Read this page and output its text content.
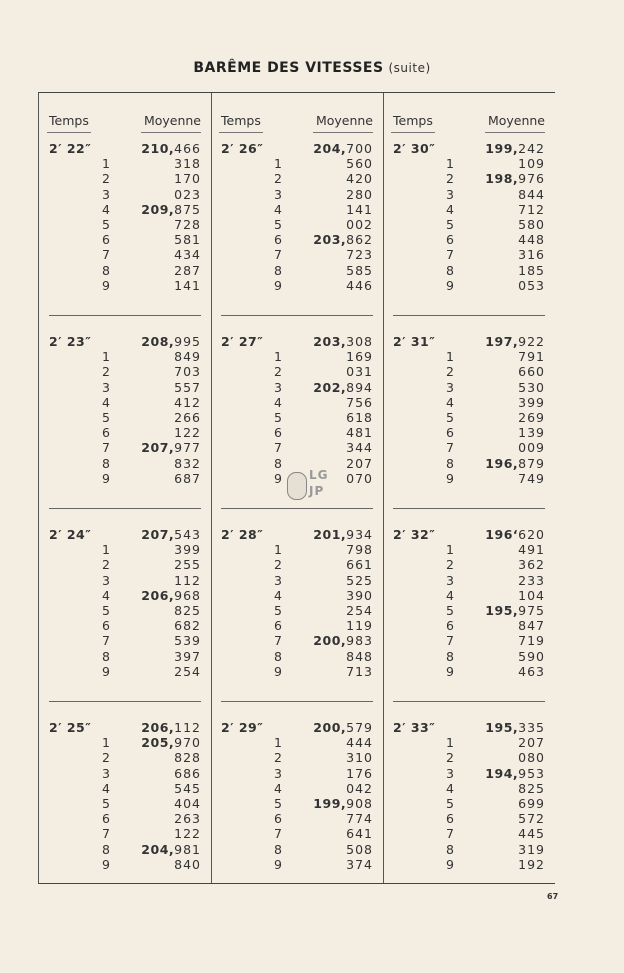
BARÊME DES VITESSES (suite)
Temps	Moyenne
2′ 22″	210,466
1	318
2	170
3	023
4	209,875
5	728
6	581
7	434
8	287
9	141
2′ 23″	208,995
1	849
2	703
3	557
4	412
5	266
6	122
7	207,977
8	832
9	687
2′ 24″	207,543
1	399
2	255
3	112
4	206,968
5	825
6	682
7	539
8	397
9	254
2′ 25″	206,112
1	205,970
2	828
3	686
4	545
5	404
6	263
7	122
8	204,981
9	840
Temps	Moyenne
2′ 26″	204,700
1	560
2	420
3	280
4	141
5	002
6	203,862
7	723
8	585
9	446
2′ 27″	203,308
1	169
2	031
3	202,894
4	756
5	618
6	481
7	344
8	207
9	070
2′ 28″	201,934
1	798
2	661
3	525
4	390
5	254
6	119
7	200,983
8	848
9	713
2′ 29″	200,579
1	444
2	310
3	176
4	042
5	199,908
6	774
7	641
8	508
9	374
Temps	Moyenne
2′ 30″	199,242
1	109
2	198,976
3	844
4	712
5	580
6	448
7	316
8	185
9	053
2′ 31″	197,922
1	791
2	660
3	530
4	399
5	269
6	139
7	009
8	196,879
9	749
2′ 32″	196‘620
1	491
2	362
3	233
4	104
5	195,975
6	847
7	719
8	590
9	463
2′ 33″	195,335
1	207
2	080
3	194,953
4	825
5	699
6	572
7	445
8	319
9	192
LG
JP
67
